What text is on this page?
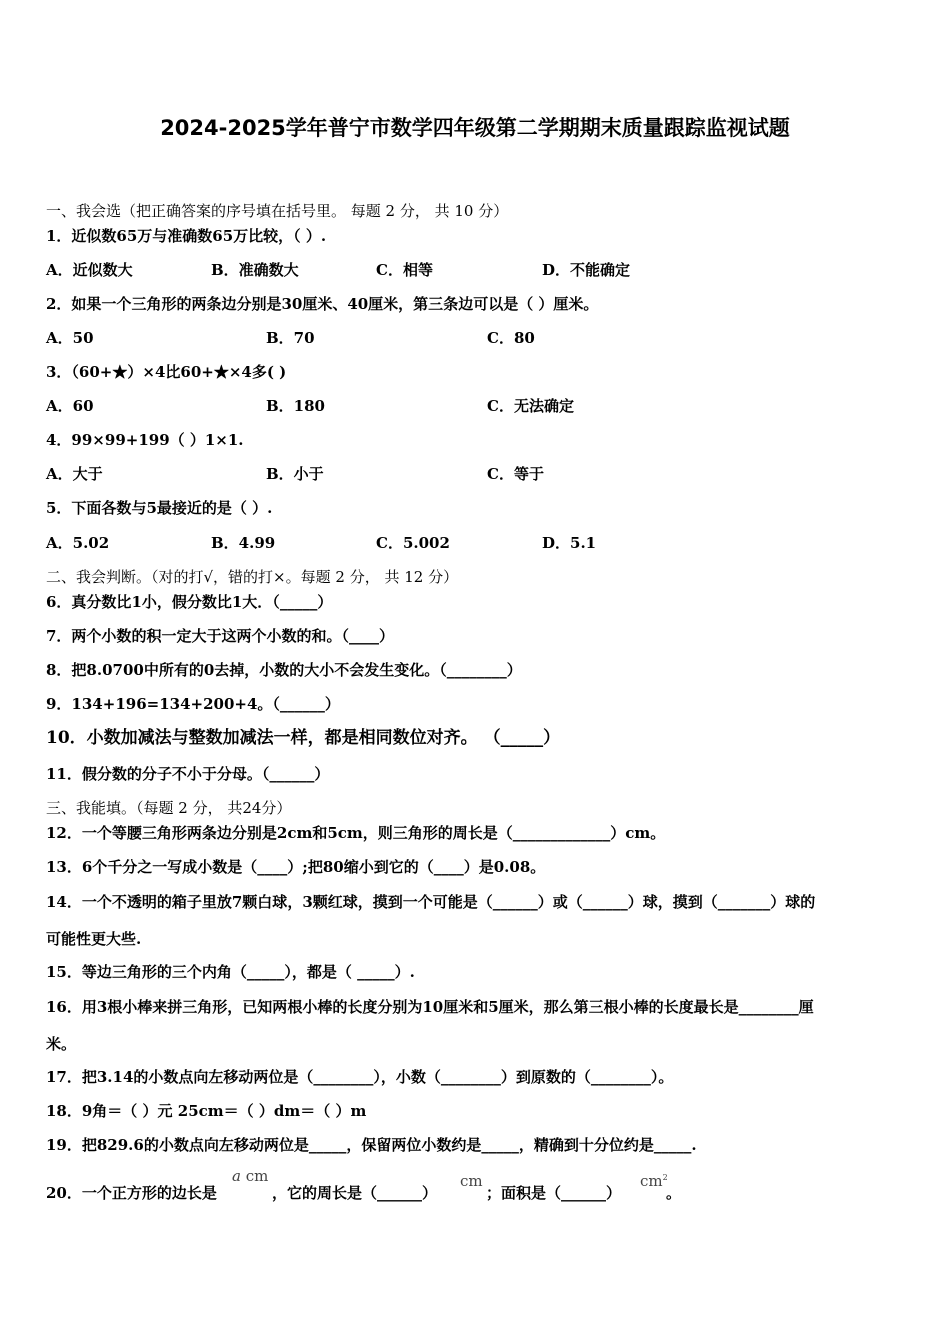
2024-2025学年普宁市数学四年级第二学期期末质量跟踪监视试题
一、我会选（把正确答案的序号填在括号里。 每题 2 分， 共 10 分）
1．近似数65万与准确数65万比较，（ ）.
A．近似数大	B．准确数大	C．相等	D．不能确定
2．如果一个三角形的两条边分别是30厘米、40厘米，第三条边可以是（ ）厘米。
A．50	B．70	C．80
3．（60+★）×4比60+★×4多( )
A．60	B．180	C．无法确定
4．99×99+199（ ）1×1.
A．大于	B．小于	C．等于
5．下面各数与5最接近的是（ ）.
A．5.02	B．4.99	C．5.002	D．5.1
二、我会判断。（对的打√，错的打×。每题 2 分， 共 12 分）
6．真分数比1小，假分数比1大．（_____）
7．两个小数的积一定大于这两个小数的和。（____）
8．把8.0700中所有的0去掉，小数的大小不会发生变化。（________）
9．134+196=134+200+4。（______）
10．小数加减法与整数加减法一样，都是相同数位对齐。 （_____）
11．假分数的分子不小于分母。（______）
三、我能填。（每题 2 分， 共24分）
12．一个等腰三角形两条边分别是2cm和5cm，则三角形的周长是（_____________）cm。
13．6个千分之一写成小数是（____）;把80缩小到它的（____）是0.08。
14．一个不透明的箱子里放7颗白球，3颗红球，摸到一个可能是（______）或（______）球，摸到（_______）球的
可能性更大些.
15．等边三角形的三个内角（_____），都是（ _____）.
16．用3根小棒来拼三角形，已知两根小棒的长度分别为10厘米和5厘米，那么第三根小棒的长度最长是________厘
米。
17．把3.14的小数点向左移动两位是（________），小数（________）到原数的（________）。
18．9角＝（ ）元 25cm＝（ ）dm＝（ ）m
19．把829.6的小数点向左移动两位是_____，保留两位小数约是_____，精确到十分位约是_____.
20．一个正方形的边长是
a cm
，它的周长是（______）
cm
；面积是（______）
$cm^2$
。
